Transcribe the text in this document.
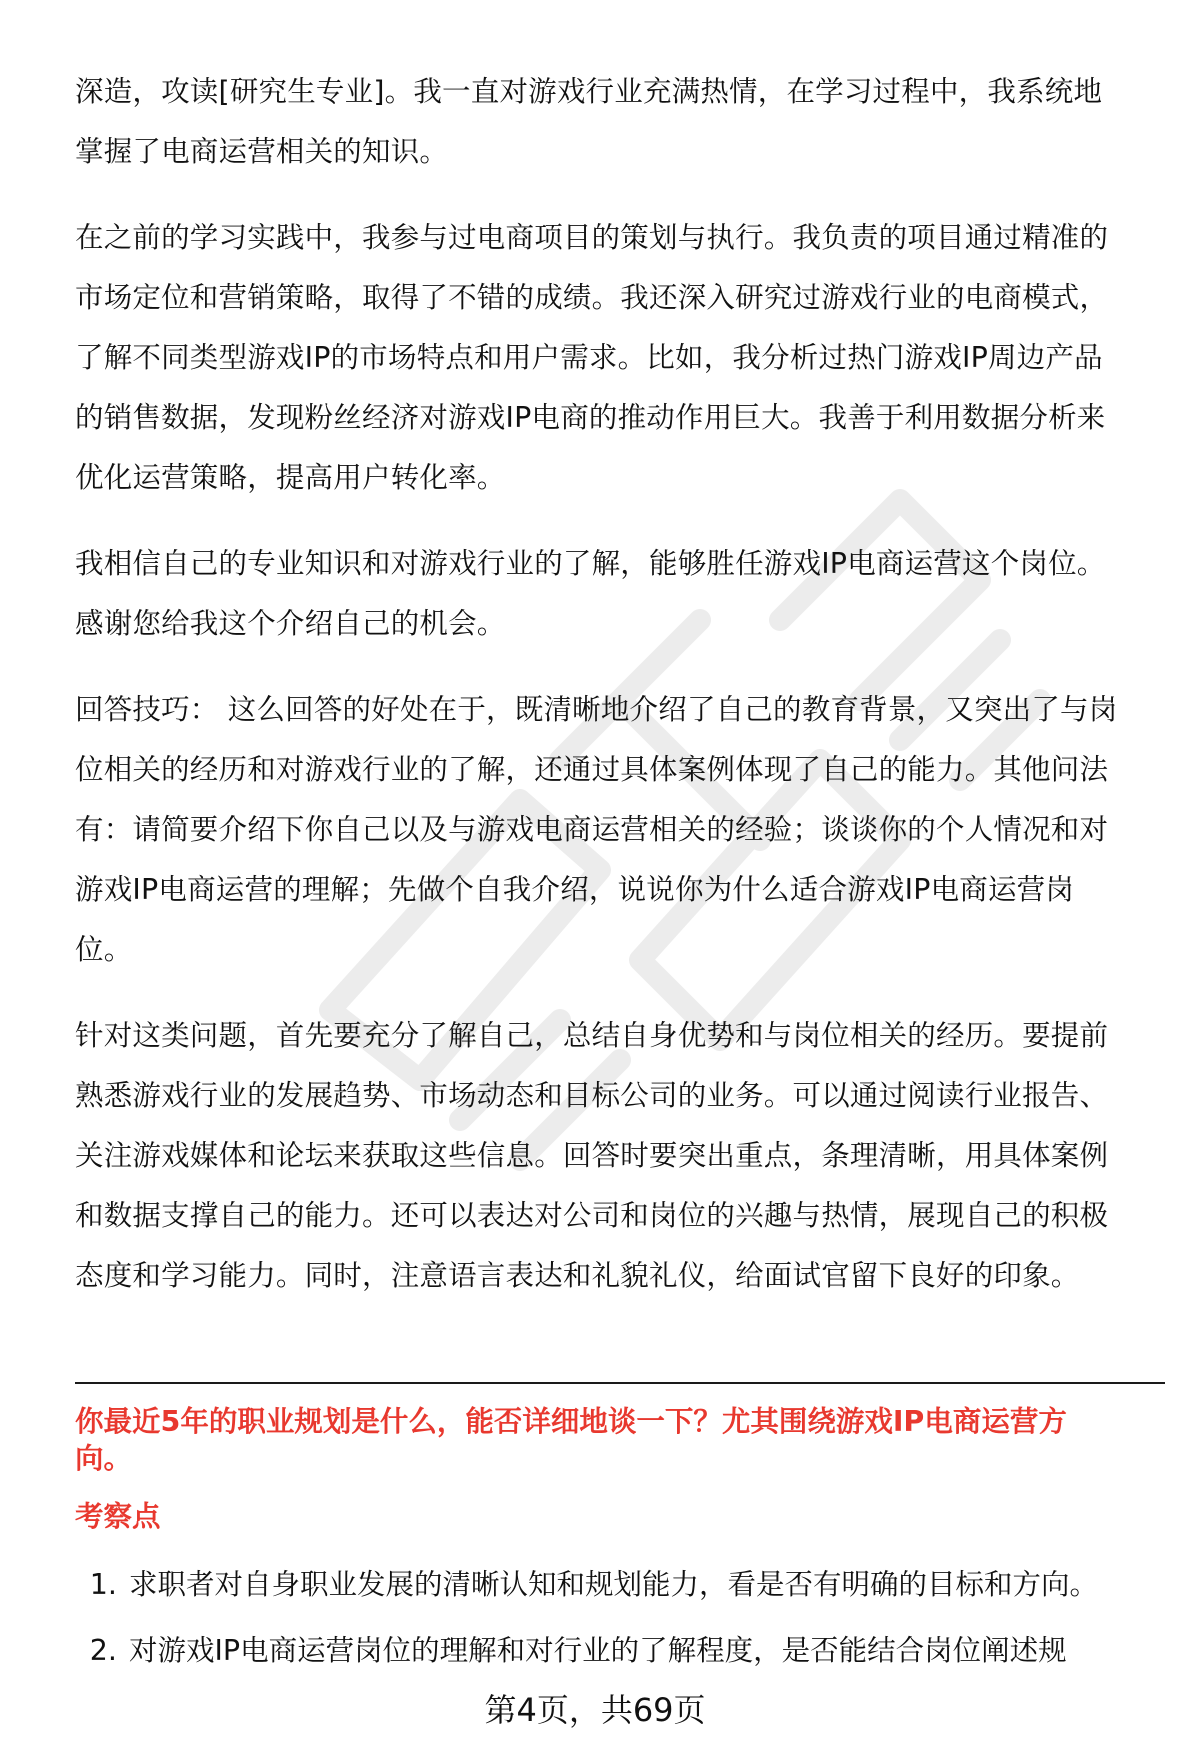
深造，攻读[研究生专业]。我一直对游戏行业充满热情，在学习过程中，我系统地
掌握了电商运营相关的知识。
在之前的学习实践中，我参与过电商项目的策划与执行。我负责的项目通过精准的
市场定位和营销策略，取得了不错的成绩。我还深入研究过游戏行业的电商模式，
了解不同类型游戏IP的市场特点和用户需求。比如，我分析过热门游戏IP周边产品
的销售数据，发现粉丝经济对游戏IP电商的推动作用巨大。我善于利用数据分析来
优化运营策略，提高用户转化率。
我相信自己的专业知识和对游戏行业的了解，能够胜任游戏IP电商运营这个岗位。
感谢您给我这个介绍自己的机会。
回答技巧： 这么回答的好处在于，既清晰地介绍了自己的教育背景，又突出了与岗
位相关的经历和对游戏行业的了解，还通过具体案例体现了自己的能力。其他问法
有：请简要介绍下你自己以及与游戏电商运营相关的经验；谈谈你的个人情况和对
游戏IP电商运营的理解；先做个自我介绍，说说你为什么适合游戏IP电商运营岗
位。
针对这类问题，首先要充分了解自己，总结自身优势和与岗位相关的经历。要提前
熟悉游戏行业的发展趋势、市场动态和目标公司的业务。可以通过阅读行业报告、
关注游戏媒体和论坛来获取这些信息。回答时要突出重点，条理清晰，用具体案例
和数据支撑自己的能力。还可以表达对公司和岗位的兴趣与热情，展现自己的积极
态度和学习能力。同时，注意语言表达和礼貌礼仪，给面试官留下良好的印象。
你最近5年的职业规划是什么，能否详细地谈一下？尤其围绕游戏IP电商运营方
向。
考察点
1. 求职者对自身职业发展的清晰认知和规划能力，看是否有明确的目标和方向。
2. 对游戏IP电商运营岗位的理解和对行业的了解程度，是否能结合岗位阐述规
第4页，共69页
